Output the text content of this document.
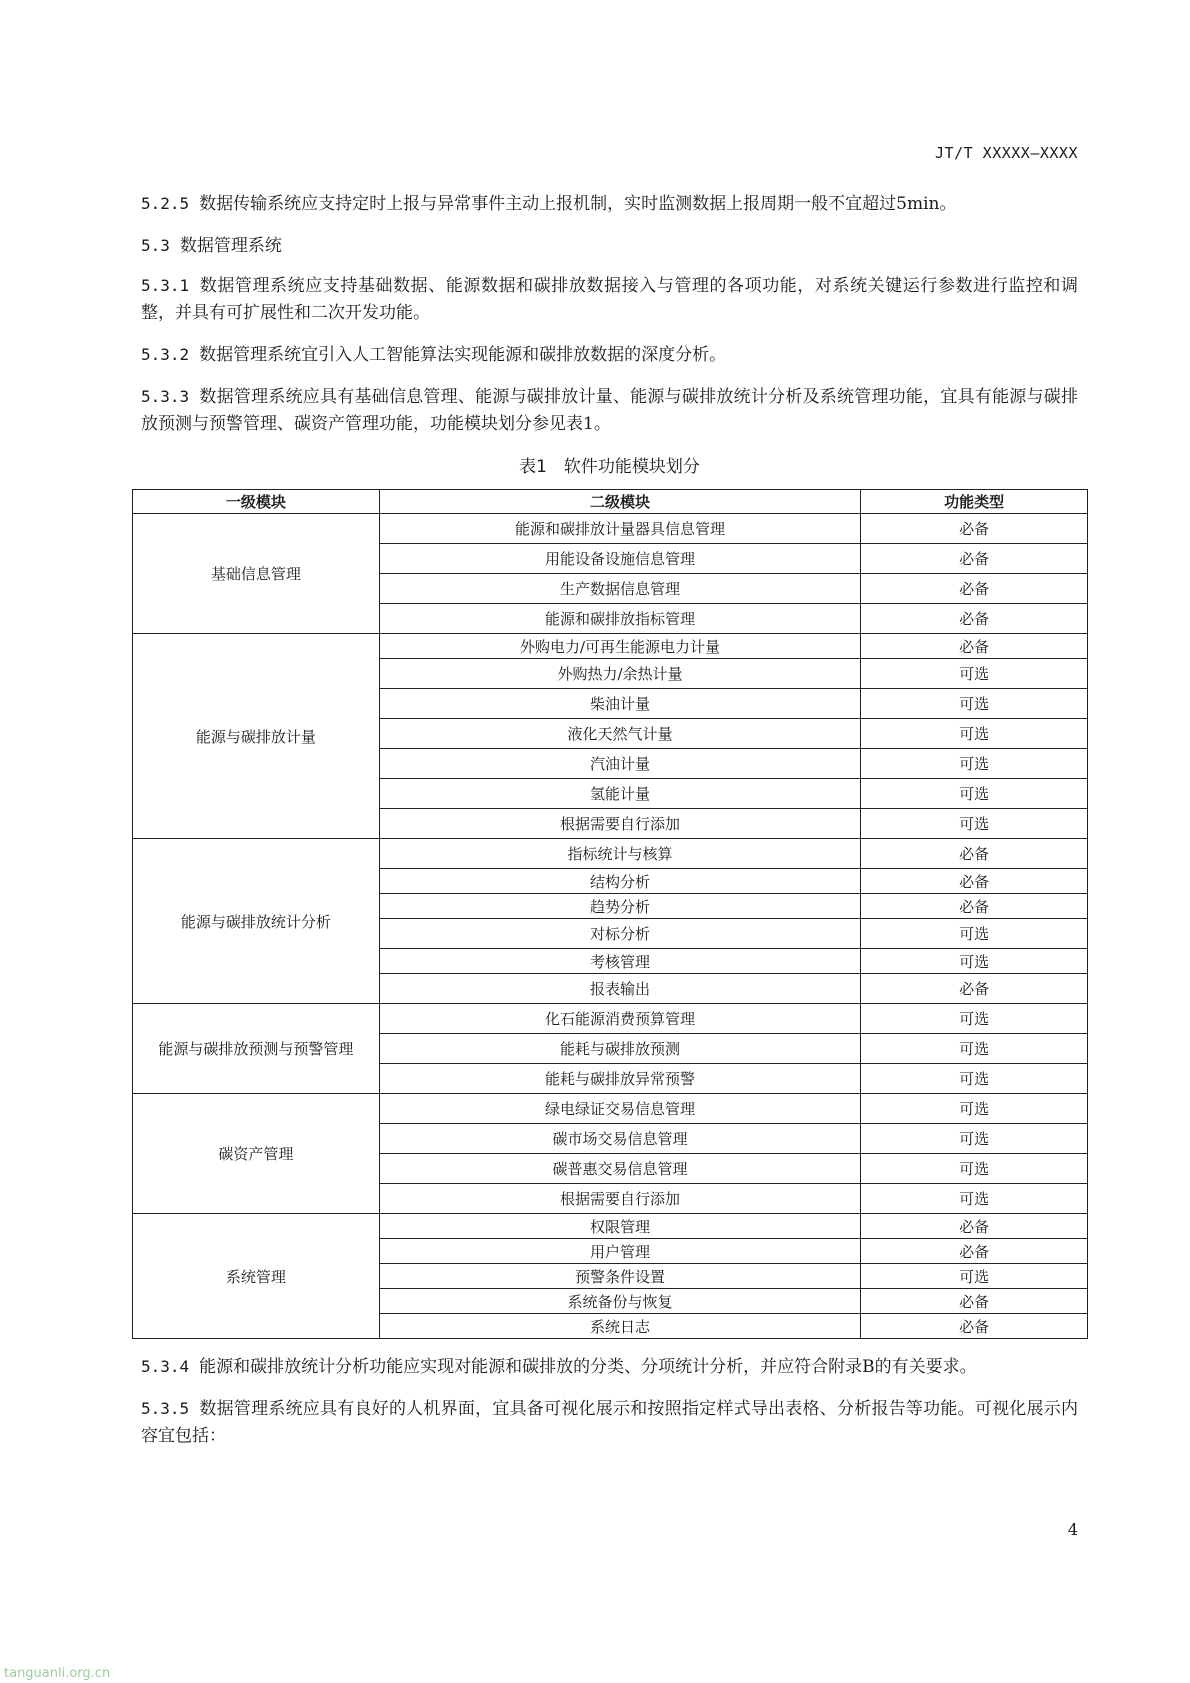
JT/T XXXXX—XXXX

5.2.5 数据传输系统应支持定时上报与异常事件主动上报机制，实时监测数据上报周期一般不宜超过5min。

5.3 数据管理系统

5.3.1 数据管理系统应支持基础数据、能源数据和碳排放数据接入与管理的各项功能，对系统关键运行参数进行监控和调整，并具有可扩展性和二次开发功能。

5.3.2 数据管理系统宜引入人工智能算法实现能源和碳排放数据的深度分析。

5.3.3 数据管理系统应具有基础信息管理、能源与碳排放计量、能源与碳排放统计分析及系统管理功能，宜具有能源与碳排放预测与预警管理、碳资产管理功能，功能模块划分参见表1。

表1　软件功能模块划分
一级模块	二级模块	功能类型
基础信息管理	能源和碳排放计量器具信息管理	必备
	用能设备设施信息管理	必备
	生产数据信息管理	必备
	能源和碳排放指标管理	必备
能源与碳排放计量	外购电力/可再生能源电力计量	必备
	外购热力/余热计量	可选
	柴油计量	可选
	液化天然气计量	可选
	汽油计量	可选
	氢能计量	可选
	根据需要自行添加	可选
能源与碳排放统计分析	指标统计与核算	必备
	结构分析	必备
	趋势分析	必备
	对标分析	可选
	考核管理	可选
	报表输出	必备
能源与碳排放预测与预警管理	化石能源消费预算管理	可选
	能耗与碳排放预测	可选
	能耗与碳排放异常预警	可选
碳资产管理	绿电绿证交易信息管理	可选
	碳市场交易信息管理	可选
	碳普惠交易信息管理	可选
	根据需要自行添加	可选
系统管理	权限管理	必备
	用户管理	必备
	预警条件设置	可选
	系统备份与恢复	必备
	系统日志	必备

5.3.4 能源和碳排放统计分析功能应实现对能源和碳排放的分类、分项统计分析，并应符合附录B的有关要求。

5.3.5 数据管理系统应具有良好的人机界面，宜具备可视化展示和按照指定样式导出表格、分析报告等功能。可视化展示内容宜包括：

4
tanguanli.org.cn
